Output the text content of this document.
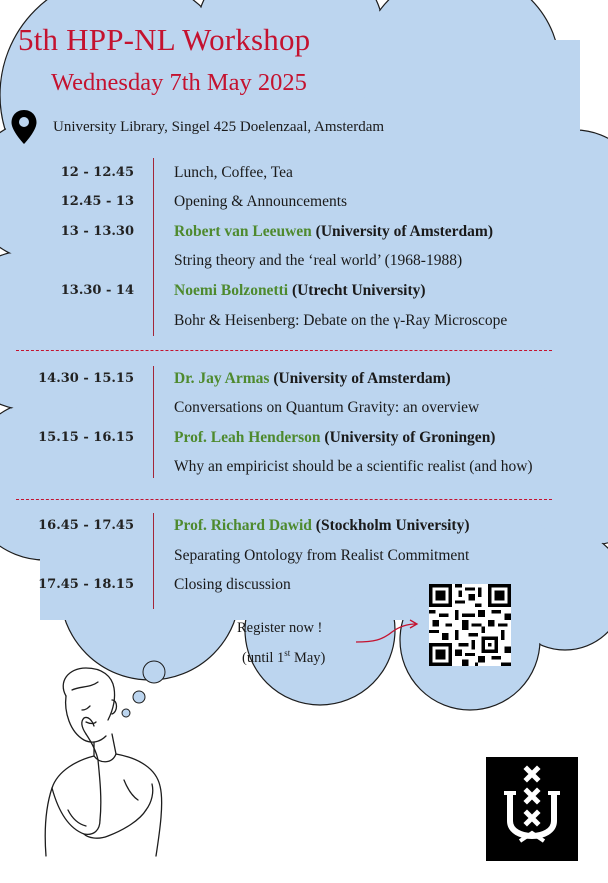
5th HPP-NL Workshop
Wednesday 7th May 2025
University Library, Singel 425 Doelenzaal, Amsterdam
12 - 12.45	Lunch, Coffee, Tea
12.45 - 13	Opening & Announcements
13 - 13.30	Robert van Leeuwen (University of Amsterdam)
String theory and the ‘real world’ (1968-1988)
13.30 - 14	Noemi Bolzonetti (Utrecht University)
Bohr & Heisenberg: Debate on the γ-Ray Microscope
14.30 - 15.15	Dr. Jay Armas (University of Amsterdam)
Conversations on Quantum Gravity: an overview
15.15 - 16.15	Prof. Leah Henderson (University of Groningen)
Why an empiricist should be a scientific realist (and how)
16.45 - 17.45	Prof. Richard Dawid (Stockholm University)
Separating Ontology from Realist Commitment
17.45 - 18.15	Closing discussion
Register now !
(until 1st May)
